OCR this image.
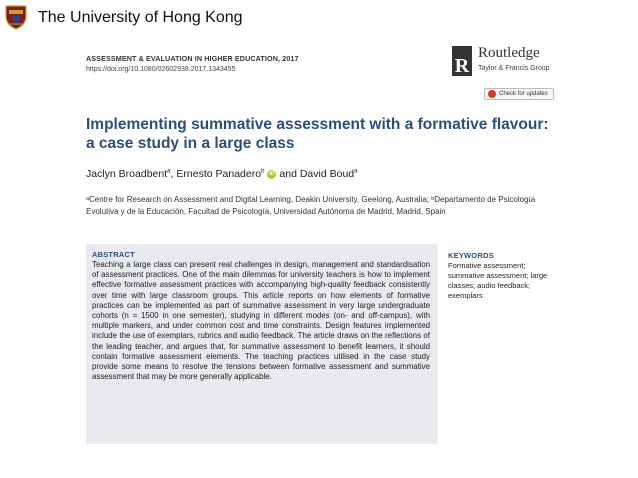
The University of Hong Kong
ASSESSMENT & EVALUATION IN HIGHER EDUCATION, 2017
https://doi.org/10.1080/02602938.2017.1343455	R
Routledge
Taylor & Francis Group
Check for updates
Implementing summative assessment with a formative flavour: a case study in a large class
Jaclyn Broadbent$^a$, Ernesto Panadero$^b$	iD and David Boud$^a$
ᵃCentre for Research on Assessment and Digital Learning, Deakin University, Geelong, Australia; ᵇDepartamento de Psicología Evolutiva y de la Educación, Facultad de Psicología, Universidad Autónoma de Madrid, Madrid, Spain
ABSTRACT
Teaching a large class can present real challenges in design, management and standardisation of assessment practices. One of the main dilemmas for university teachers is how to implement effective formative assessment practices with accompanying high-quality feedback consistently over time with large classroom groups. This article reports on how elements of formative practices can be implemented as part of summative assessment in very large undergraduate cohorts (n = 1500 in one semester), studying in different modes (on- and off-campus), with multiple markers, and under common cost and time constraints. Design features implemented include the use of exemplars, rubrics and audio feedback. The article draws on the reflections of the leading teacher, and argues that, for summative assessment to benefit learners, it should contain formative assessment elements. The teaching practices utilised in the case study provide some means to resolve the tensions between formative assessment and summative assessment that may be more generally applicable.
KEYWORDS
Formative assessment; summative assessment; large classes; audio feedback; exemplars
